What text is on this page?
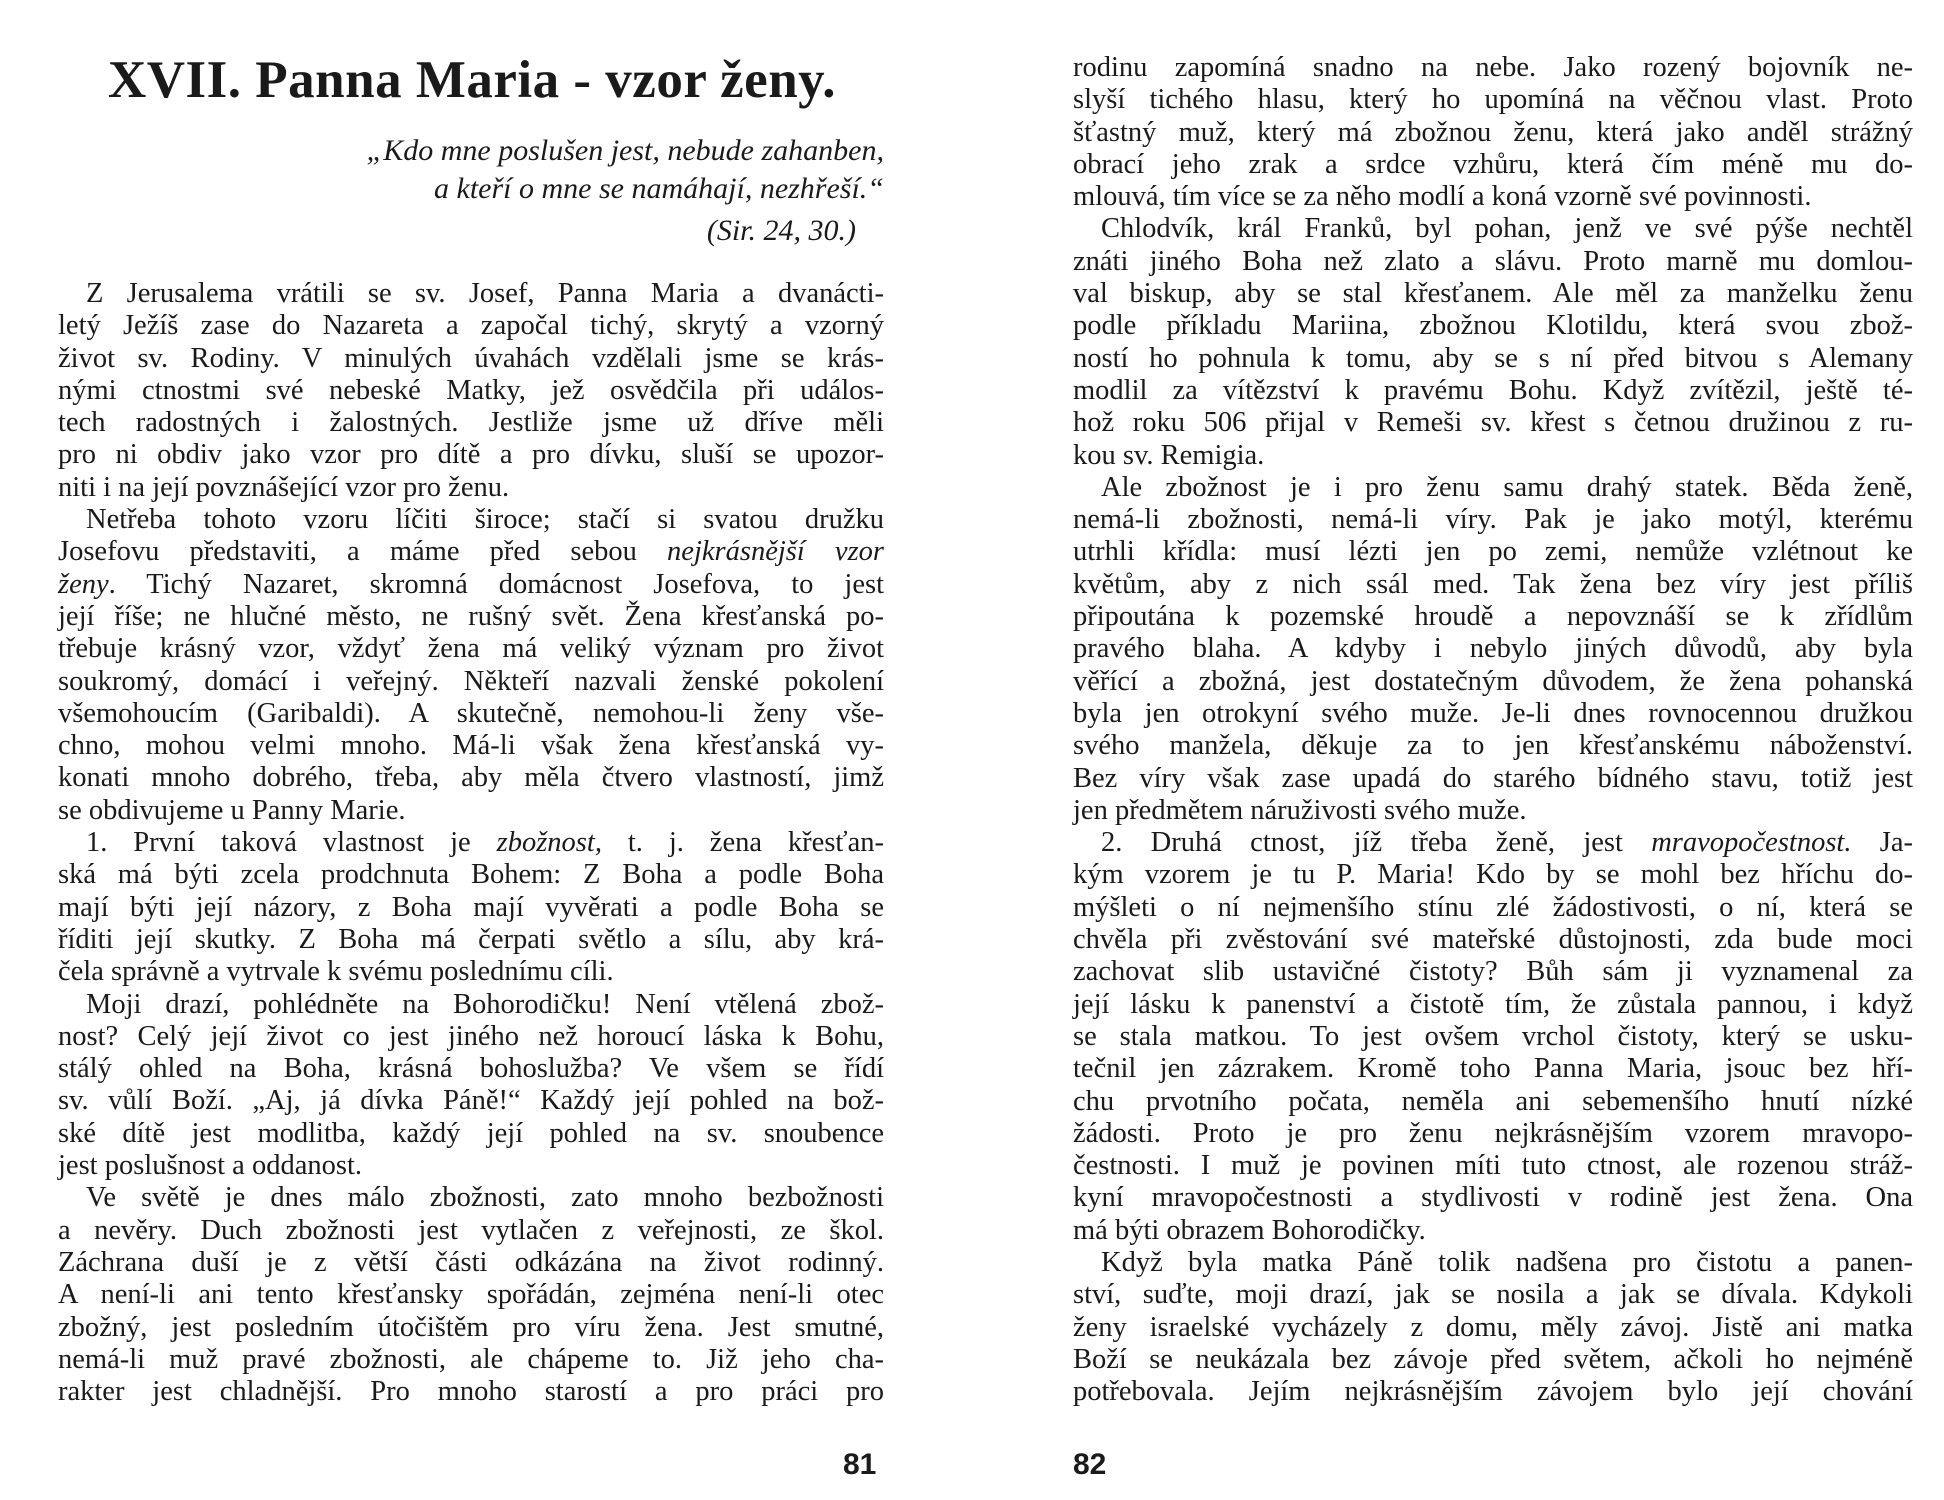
XVII. Panna Maria - vzor ženy.
„Kdo mne poslušen jest, nebude zahanben,
a kteří o mne se namáhají, nezhřeší.“
(Sir. 24, 30.)
Z Jerusalema vrátili se sv. Josef, Panna Maria a dvanácti-
letý Ježíš zase do Nazareta a započal tichý, skrytý a vzorný
život sv. Rodiny. V minulých úvahách vzdělali jsme se krás-
nými ctnostmi své nebeské Matky, jež osvědčila při událos-
tech radostných i žalostných. Jestliže jsme už dříve měli
pro ni obdiv jako vzor pro dítě a pro dívku, sluší se upozor-
niti i na její povznášející vzor pro ženu.
Netřeba tohoto vzoru líčiti široce; stačí si svatou družku
Josefovu představiti, a máme před sebou nejkrásnější vzor
ženy. Tichý Nazaret, skromná domácnost Josefova, to jest
její říše; ne hlučné město, ne rušný svět. Žena křesťanská po-
třebuje krásný vzor, vždyť žena má veliký význam pro život
soukromý, domácí i veřejný. Někteří nazvali ženské pokolení
všemohoucím (Garibaldi). A skutečně, nemohou-li ženy vše-
chno, mohou velmi mnoho. Má-li však žena křesťanská vy-
konati mnoho dobrého, třeba, aby měla čtvero vlastností, jimž
se obdivujeme u Panny Marie.
1. První taková vlastnost je zbožnost, t. j. žena křesťan-
ská má býti zcela prodchnuta Bohem: Z Boha a podle Boha
mají býti její názory, z Boha mají vyvěrati a podle Boha se
říditi její skutky. Z Boha má čerpati světlo a sílu, aby krá-
čela správně a vytrvale k svému poslednímu cíli.
Moji drazí, pohlédněte na Bohorodičku! Není vtělená zbož-
nost? Celý její život co jest jiného než horoucí láska k Bohu,
stálý ohled na Boha, krásná bohoslužba? Ve všem se řídí
sv. vůlí Boží. „Aj, já dívka Páně!“ Každý její pohled na bož-
ské dítě jest modlitba, každý její pohled na sv. snoubence
jest poslušnost a oddanost.
Ve světě je dnes málo zbožnosti, zato mnoho bezbožnosti
a nevěry. Duch zbožnosti jest vytlačen z veřejnosti, ze škol.
Záchrana duší je z větší části odkázána na život rodinný.
A není-li ani tento křesťansky spořádán, zejména není-li otec
zbožný, jest posledním útočištěm pro víru žena. Jest smutné,
nemá-li muž pravé zbožnosti, ale chápeme to. Již jeho cha-
rakter jest chladnější. Pro mnoho starostí a pro práci pro
81
rodinu zapomíná snadno na nebe. Jako rozený bojovník ne-
slyší tichého hlasu, který ho upomíná na věčnou vlast. Proto
šťastný muž, který má zbožnou ženu, která jako anděl strážný
obrací jeho zrak a srdce vzhůru, která čím méně mu do-
mlouvá, tím více se za něho modlí a koná vzorně své povinnosti.
Chlodvík, král Franků, byl pohan, jenž ve své pýše nechtěl
znáti jiného Boha než zlato a slávu. Proto marně mu domlou-
val biskup, aby se stal křesťanem. Ale měl za manželku ženu
podle příkladu Mariina, zbožnou Klotildu, která svou zbož-
ností ho pohnula k tomu, aby se s ní před bitvou s Alemany
modlil za vítězství k pravému Bohu. Když zvítězil, ještě té-
hož roku 506 přijal v Remeši sv. křest s četnou družinou z ru-
kou sv. Remigia.
Ale zbožnost je i pro ženu samu drahý statek. Běda ženě,
nemá-li zbožnosti, nemá-li víry. Pak je jako motýl, kterému
utrhli křídla: musí lézti jen po zemi, nemůže vzlétnout ke
květům, aby z nich ssál med. Tak žena bez víry jest příliš
připoutána k pozemské hroudě a nepovznáší se k zřídlům
pravého blaha. A kdyby i nebylo jiných důvodů, aby byla
věřící a zbožná, jest dostatečným důvodem, že žena pohanská
byla jen otrokyní svého muže. Je-li dnes rovnocennou družkou
svého manžela, děkuje za to jen křesťanskému náboženství.
Bez víry však zase upadá do starého bídného stavu, totiž jest
jen předmětem náruživosti svého muže.
2. Druhá ctnost, jíž třeba ženě, jest mravopočestnost. Ja-
kým vzorem je tu P. Maria! Kdo by se mohl bez hříchu do-
mýšleti o ní nejmenšího stínu zlé žádostivosti, o ní, která se
chvěla při zvěstování své mateřské důstojnosti, zda bude moci
zachovat slib ustavičné čistoty? Bůh sám ji vyznamenal za
její lásku k panenství a čistotě tím, že zůstala pannou, i když
se stala matkou. To jest ovšem vrchol čistoty, který se usku-
tečnil jen zázrakem. Kromě toho Panna Maria, jsouc bez hří-
chu prvotního počata, neměla ani sebemenšího hnutí nízké
žádosti. Proto je pro ženu nejkrásnějším vzorem mravopo-
čestnosti. I muž je povinen míti tuto ctnost, ale rozenou stráž-
kyní mravopočestnosti a stydlivosti v rodině jest žena. Ona
má býti obrazem Bohorodičky.
Když byla matka Páně tolik nadšena pro čistotu a panen-
ství, suďte, moji drazí, jak se nosila a jak se dívala. Kdykoli
ženy israelské vycházely z domu, měly závoj. Jistě ani matka
Boží se neukázala bez závoje před světem, ačkoli ho nejméně
potřebovala. Jejím nejkrásnějším závojem bylo její chování
82
